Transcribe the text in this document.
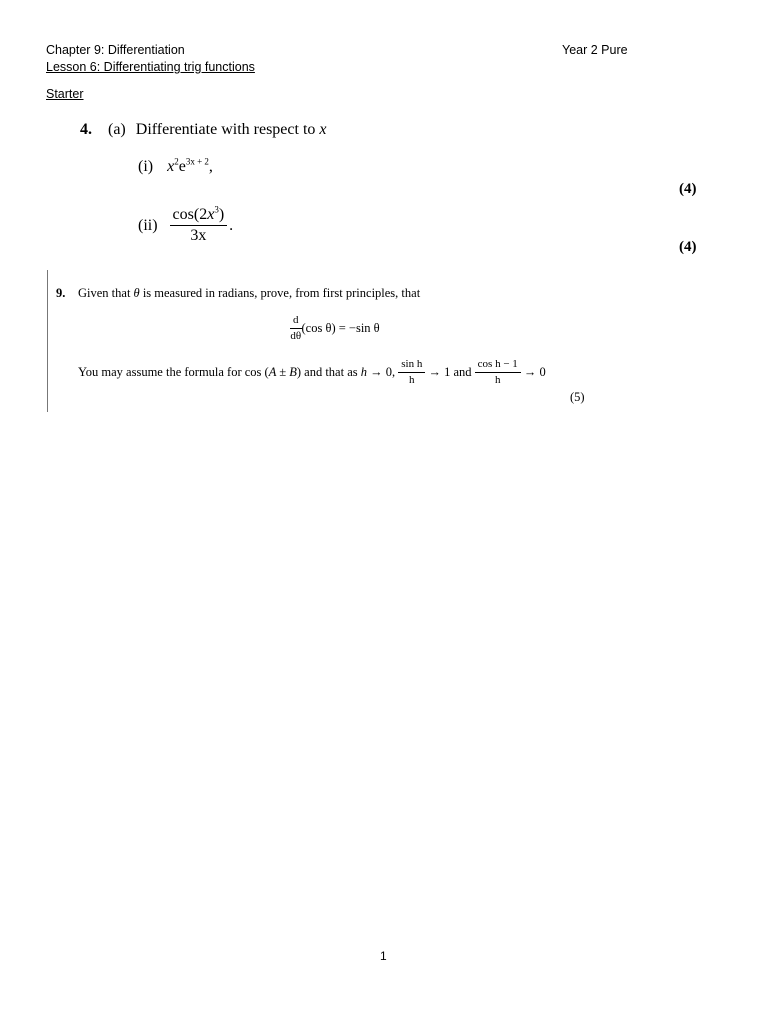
Chapter 9: Differentiation	Year 2 Pure
Lesson 6: Differentiating trig functions
Starter
4. (a) Differentiate with respect to x
(i) $x^2e^{3x + 2}$,
(4)
$(ii) \frac{\cos(2x^3)}{3x}$ .
(4)
9. Given that θ is measured in radians, prove, from first principles, that
$\frac{d}{d\theta} (\cos$ θ) = −sin θ
You may assume the formula for cos ( A ± B ) and that as h → 0, $\frac{\text{sin h}}{h} \to 1$ and $\frac{\text{cos h − 1}}{h} \to 0$
(5)
1
